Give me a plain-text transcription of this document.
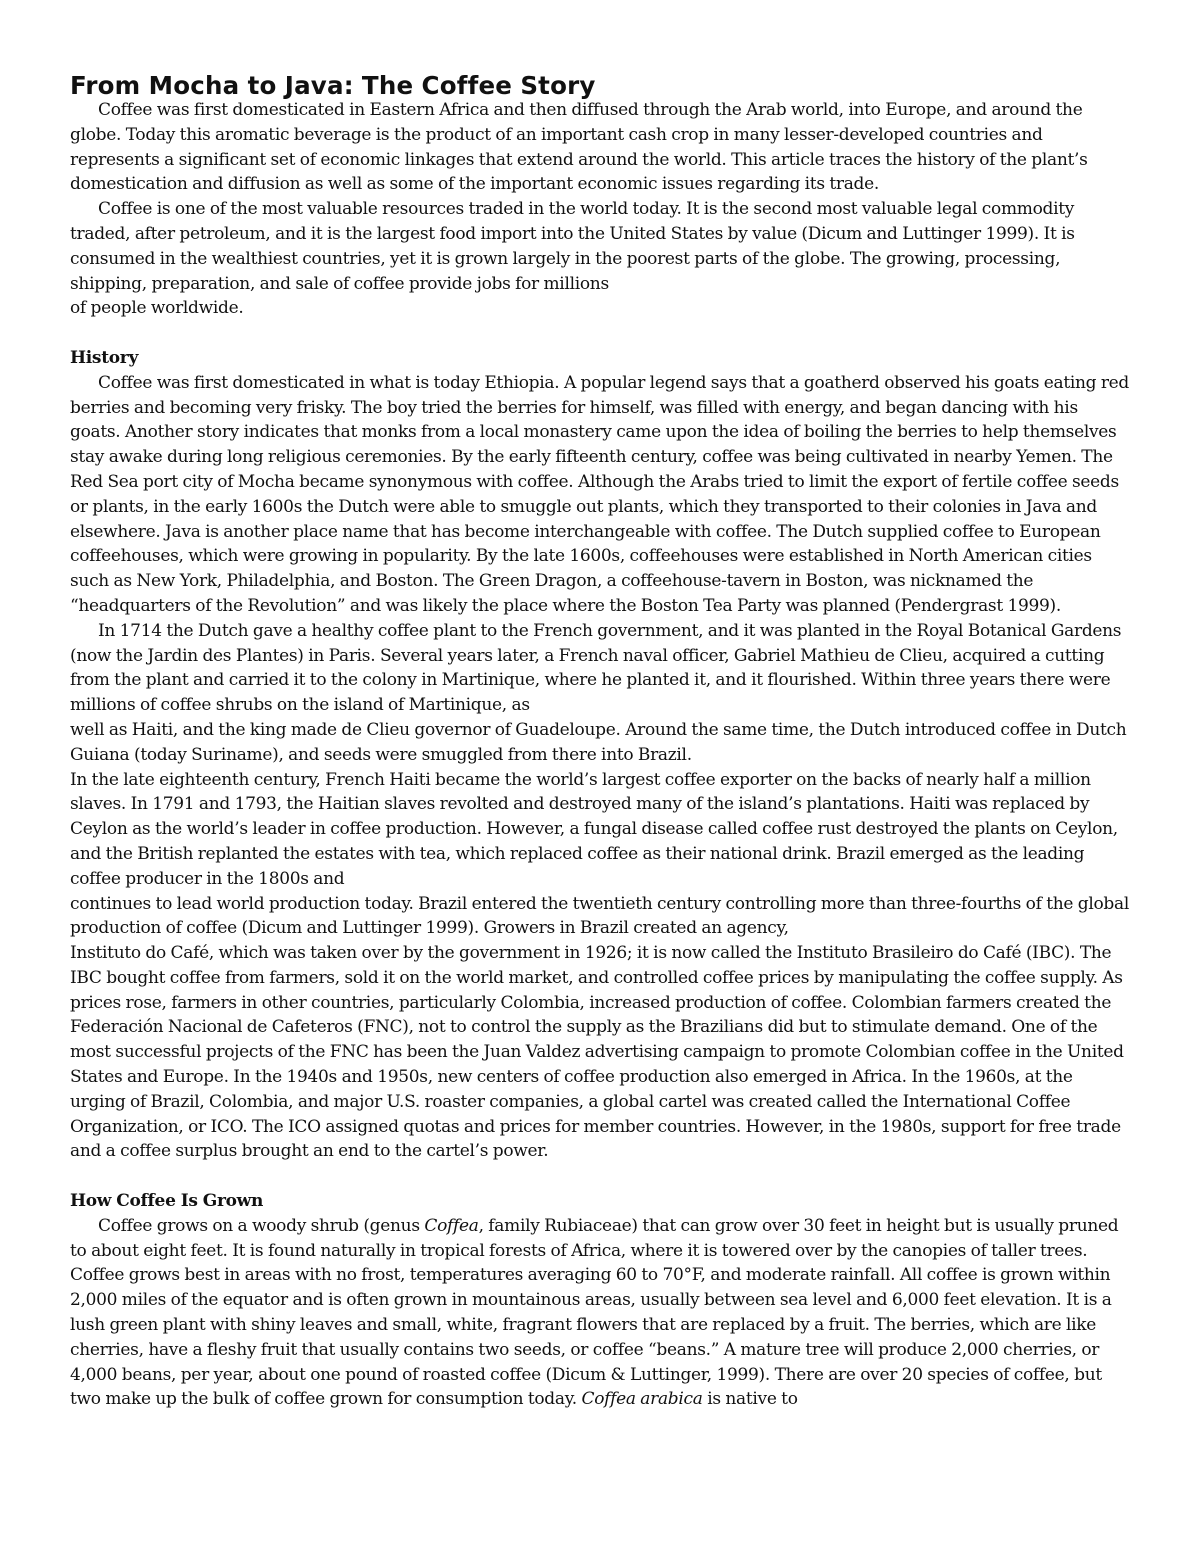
From Mocha to Java: The Coffee Story

Coffee was first domesticated in Eastern Africa and then diffused through the Arab world, into Europe, and around the globe. Today this aromatic beverage is the product of an important cash crop in many lesser-developed countries and represents a significant set of economic linkages that extend around the world. This article traces the history of the plant’s domestication and diffusion as well as some of the important economic issues regarding its trade.

Coffee is one of the most valuable resources traded in the world today. It is the second most valuable legal commodity traded, after petroleum, and it is the largest food import into the United States by value (Dicum and Luttinger 1999). It is consumed in the wealthiest countries, yet it is grown largely in the poorest parts of the globe. The growing, processing, shipping, preparation, and sale of coffee provide jobs for millions

of people worldwide.

History

Coffee was first domesticated in what is today Ethiopia. A popular legend says that a goatherd observed his goats eating red berries and becoming very frisky. The boy tried the berries for himself, was filled with energy, and began dancing with his goats. Another story indicates that monks from a local monastery came upon the idea of boiling the berries to help themselves stay awake during long religious ceremonies. By the early fifteenth century, coffee was being cultivated in nearby Yemen. The Red Sea port city of Mocha became synonymous with coffee. Although the Arabs tried to limit the export of fertile coffee seeds or plants, in the early 1600s the Dutch were able to smuggle out plants, which they transported to their colonies in Java and elsewhere. Java is another place name that has become interchangeable with coffee. The Dutch supplied coffee to European coffeehouses, which were growing in popularity. By the late 1600s, coffeehouses were established in North American cities such as New York, Philadelphia, and Boston. The Green Dragon, a coffeehouse-tavern in Boston, was nicknamed the “headquarters of the Revolution” and was likely the place where the Boston Tea Party was planned (Pendergrast 1999).

In 1714 the Dutch gave a healthy coffee plant to the French government, and it was planted in the Royal Botanical Gardens (now the Jardin des Plantes) in Paris. Several years later, a French naval officer, Gabriel Mathieu de Clieu, acquired a cutting from the plant and carried it to the colony in Martinique, where he planted it, and it flourished. Within three years there were millions of coffee shrubs on the island of Martinique, as

well as Haiti, and the king made de Clieu governor of Guadeloupe. Around the same time, the Dutch introduced coffee in Dutch Guiana (today Suriname), and seeds were smuggled from there into Brazil.

In the late eighteenth century, French Haiti became the world’s largest coffee exporter on the backs of nearly half a million slaves. In 1791 and 1793, the Haitian slaves revolted and destroyed many of the island’s plantations. Haiti was replaced by Ceylon as the world’s leader in coffee production. However, a fungal disease called coffee rust destroyed the plants on Ceylon, and the British replanted the estates with tea, which replaced coffee as their national drink. Brazil emerged as the leading coffee producer in the 1800s and

continues to lead world production today. Brazil entered the twentieth century controlling more than three-fourths of the global production of coffee (Dicum and Luttinger 1999). Growers in Brazil created an agency,

Instituto do Café, which was taken over by the government in 1926; it is now called the Instituto Brasileiro do Café (IBC). The IBC bought coffee from farmers, sold it on the world market, and controlled coffee prices by manipulating the coffee supply. As prices rose, farmers in other countries, particularly Colombia, increased production of coffee. Colombian farmers created the Federación Nacional de Cafeteros (FNC), not to control the supply as the Brazilians did but to stimulate demand. One of the most successful projects of the FNC has been the Juan Valdez advertising campaign to promote Colombian coffee in the United States and Europe. In the 1940s and 1950s, new centers of coffee production also emerged in Africa. In the 1960s, at the urging of Brazil, Colombia, and major U.S. roaster companies, a global cartel was created called the International Coffee Organization, or ICO. The ICO assigned quotas and prices for member countries. However, in the 1980s, support for free trade and a coffee surplus brought an end to the cartel’s power.

How Coffee Is Grown

Coffee grows on a woody shrub (genus Coffea, family Rubiaceae) that can grow over 30 feet in height but is usually pruned to about eight feet. It is found naturally in tropical forests of Africa, where it is towered over by the canopies of taller trees. Coffee grows best in areas with no frost, temperatures averaging 60 to 70°F, and moderate rainfall. All coffee is grown within 2,000 miles of the equator and is often grown in mountainous areas, usually between sea level and 6,000 feet elevation. It is a lush green plant with shiny leaves and small, white, fragrant flowers that are replaced by a fruit. The berries, which are like cherries, have a fleshy fruit that usually contains two seeds, or coffee “beans.” A mature tree will produce 2,000 cherries, or 4,000 beans, per year, about one pound of roasted coffee (Dicum & Luttinger, 1999). There are over 20 species of coffee, but two make up the bulk of coffee grown for consumption today. Coffea arabica is native to
